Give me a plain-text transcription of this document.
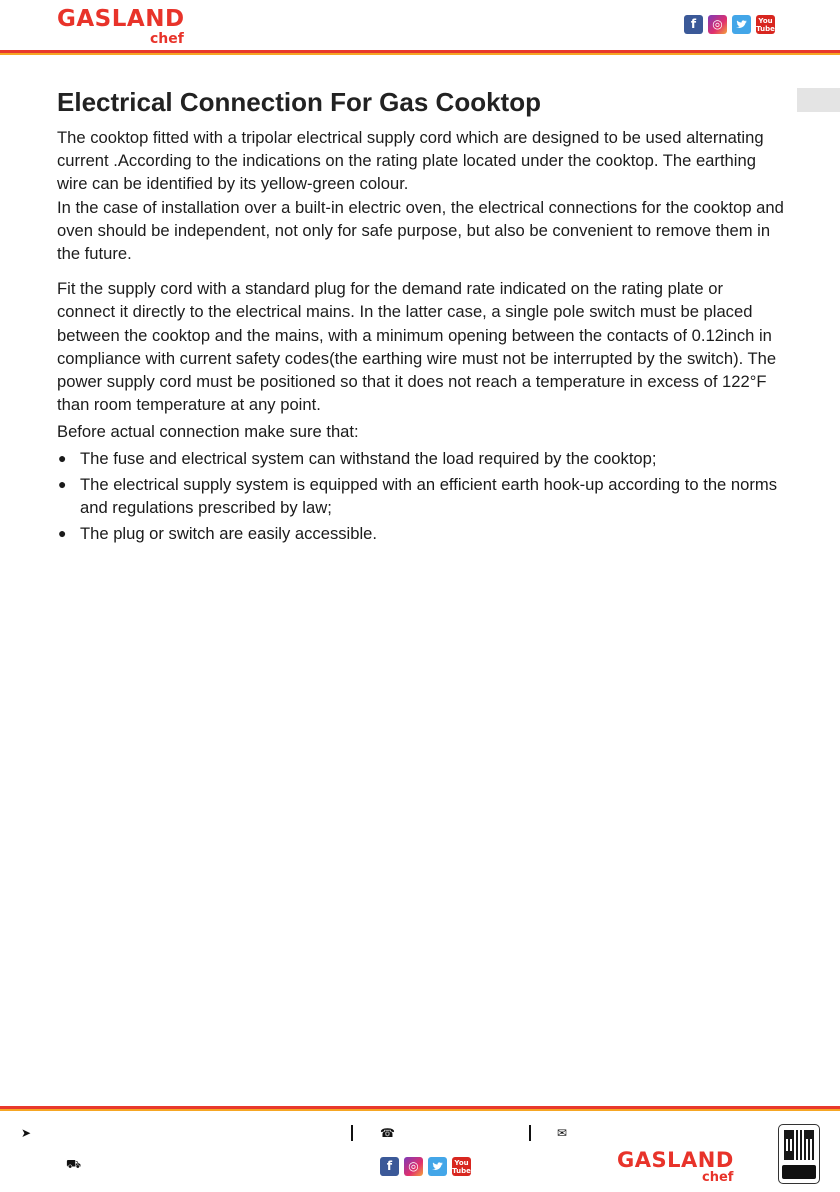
GASLAND
chef
f	◎	You Tube
Electrical Connection For Gas Cooktop

The cooktop fitted with a tripolar electrical supply cord which are designed to be used alternating current .According to the indications on the rating plate located under the cooktop. The earthing wire can be identified by its yellow-green colour.

In the case of installation over a built-in electric oven, the electrical connections for the cooktop and oven should be independent, not only for safe purpose, but also be convenient to remove them in the future.

Fit the supply cord with a standard plug for the demand rate indicated on the rating plate or connect it directly to the electrical mains. In the latter case, a single pole switch must be placed between the cooktop and the mains, with a minimum opening between the contacts of 0.12inch in compliance with current safety codes(the earthing wire must not be interrupted by the switch). The power supply cord must be positioned so that it does not reach a temperature in excess of 122°F than room temperature at any point.

Before actual connection make sure that:

● The fuse and electrical system can withstand the load required by the cooktop;
● The electrical supply system is equipped with an efficient earth hook-up according to the norms and regulations prescribed by law;
● The plug or switch are easily accessible.
➤	☎	✉
⛟	f	◎	You Tube	GASLAND
chef
